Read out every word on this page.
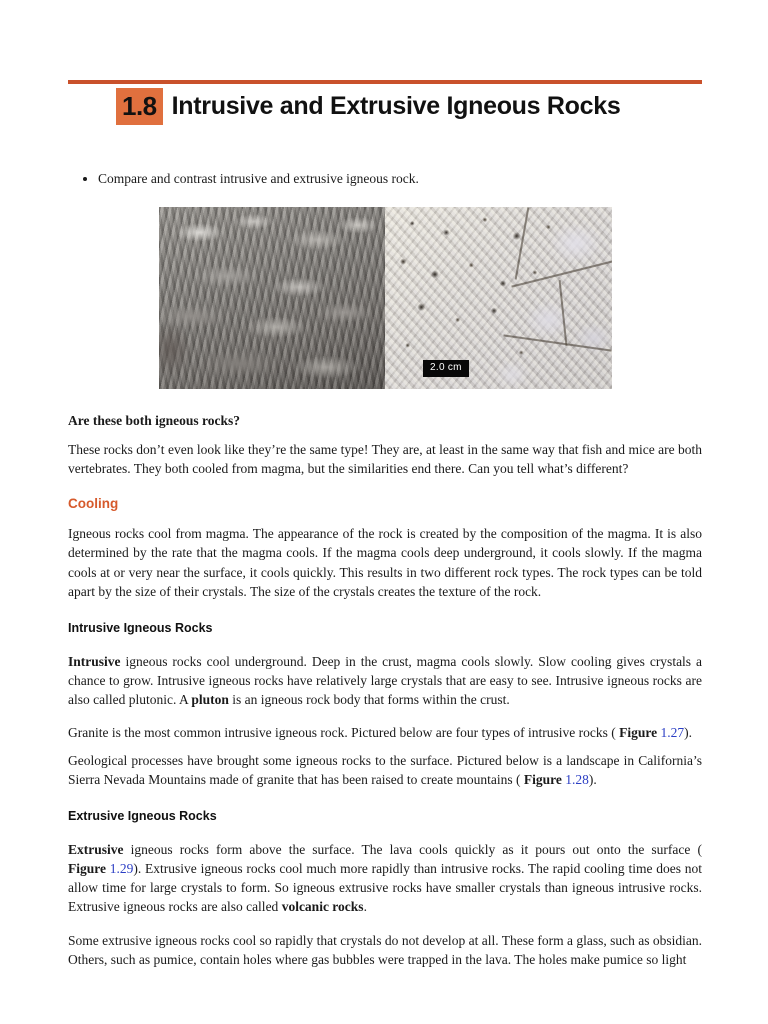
1.8 Intrusive and Extrusive Igneous Rocks
• Compare and contrast intrusive and extrusive igneous rock.
2.0 cm
Are these both igneous rocks?

These rocks don’t even look like they’re the same type! They are, at least in the same way that fish and mice are both vertebrates. They both cooled from magma, but the similarities end there. Can you tell what’s different?

Cooling

Igneous rocks cool from magma. The appearance of the rock is created by the composition of the magma. It is also determined by the rate that the magma cools. If the magma cools deep underground, it cools slowly. If the magma cools at or very near the surface, it cools quickly. This results in two different rock types. The rock types can be told apart by the size of their crystals. The size of the crystals creates the texture of the rock.

Intrusive Igneous Rocks

Intrusive igneous rocks cool underground. Deep in the crust, magma cools slowly. Slow cooling gives crystals a chance to grow. Intrusive igneous rocks have relatively large crystals that are easy to see. Intrusive igneous rocks are also called plutonic. A pluton is an igneous rock body that forms within the crust.

Granite is the most common intrusive igneous rock. Pictured below are four types of intrusive rocks ( Figure 1.27).

Geological processes have brought some igneous rocks to the surface. Pictured below is a landscape in California’s Sierra Nevada Mountains made of granite that has been raised to create mountains ( Figure 1.28).

Extrusive Igneous Rocks

Extrusive igneous rocks form above the surface. The lava cools quickly as it pours out onto the surface ( Figure 1.29). Extrusive igneous rocks cool much more rapidly than intrusive rocks. The rapid cooling time does not allow time for large crystals to form. So igneous extrusive rocks have smaller crystals than igneous intrusive rocks. Extrusive igneous rocks are also called volcanic rocks.

Some extrusive igneous rocks cool so rapidly that crystals do not develop at all. These form a glass, such as obsidian. Others, such as pumice, contain holes where gas bubbles were trapped in the lava. The holes make pumice so light
